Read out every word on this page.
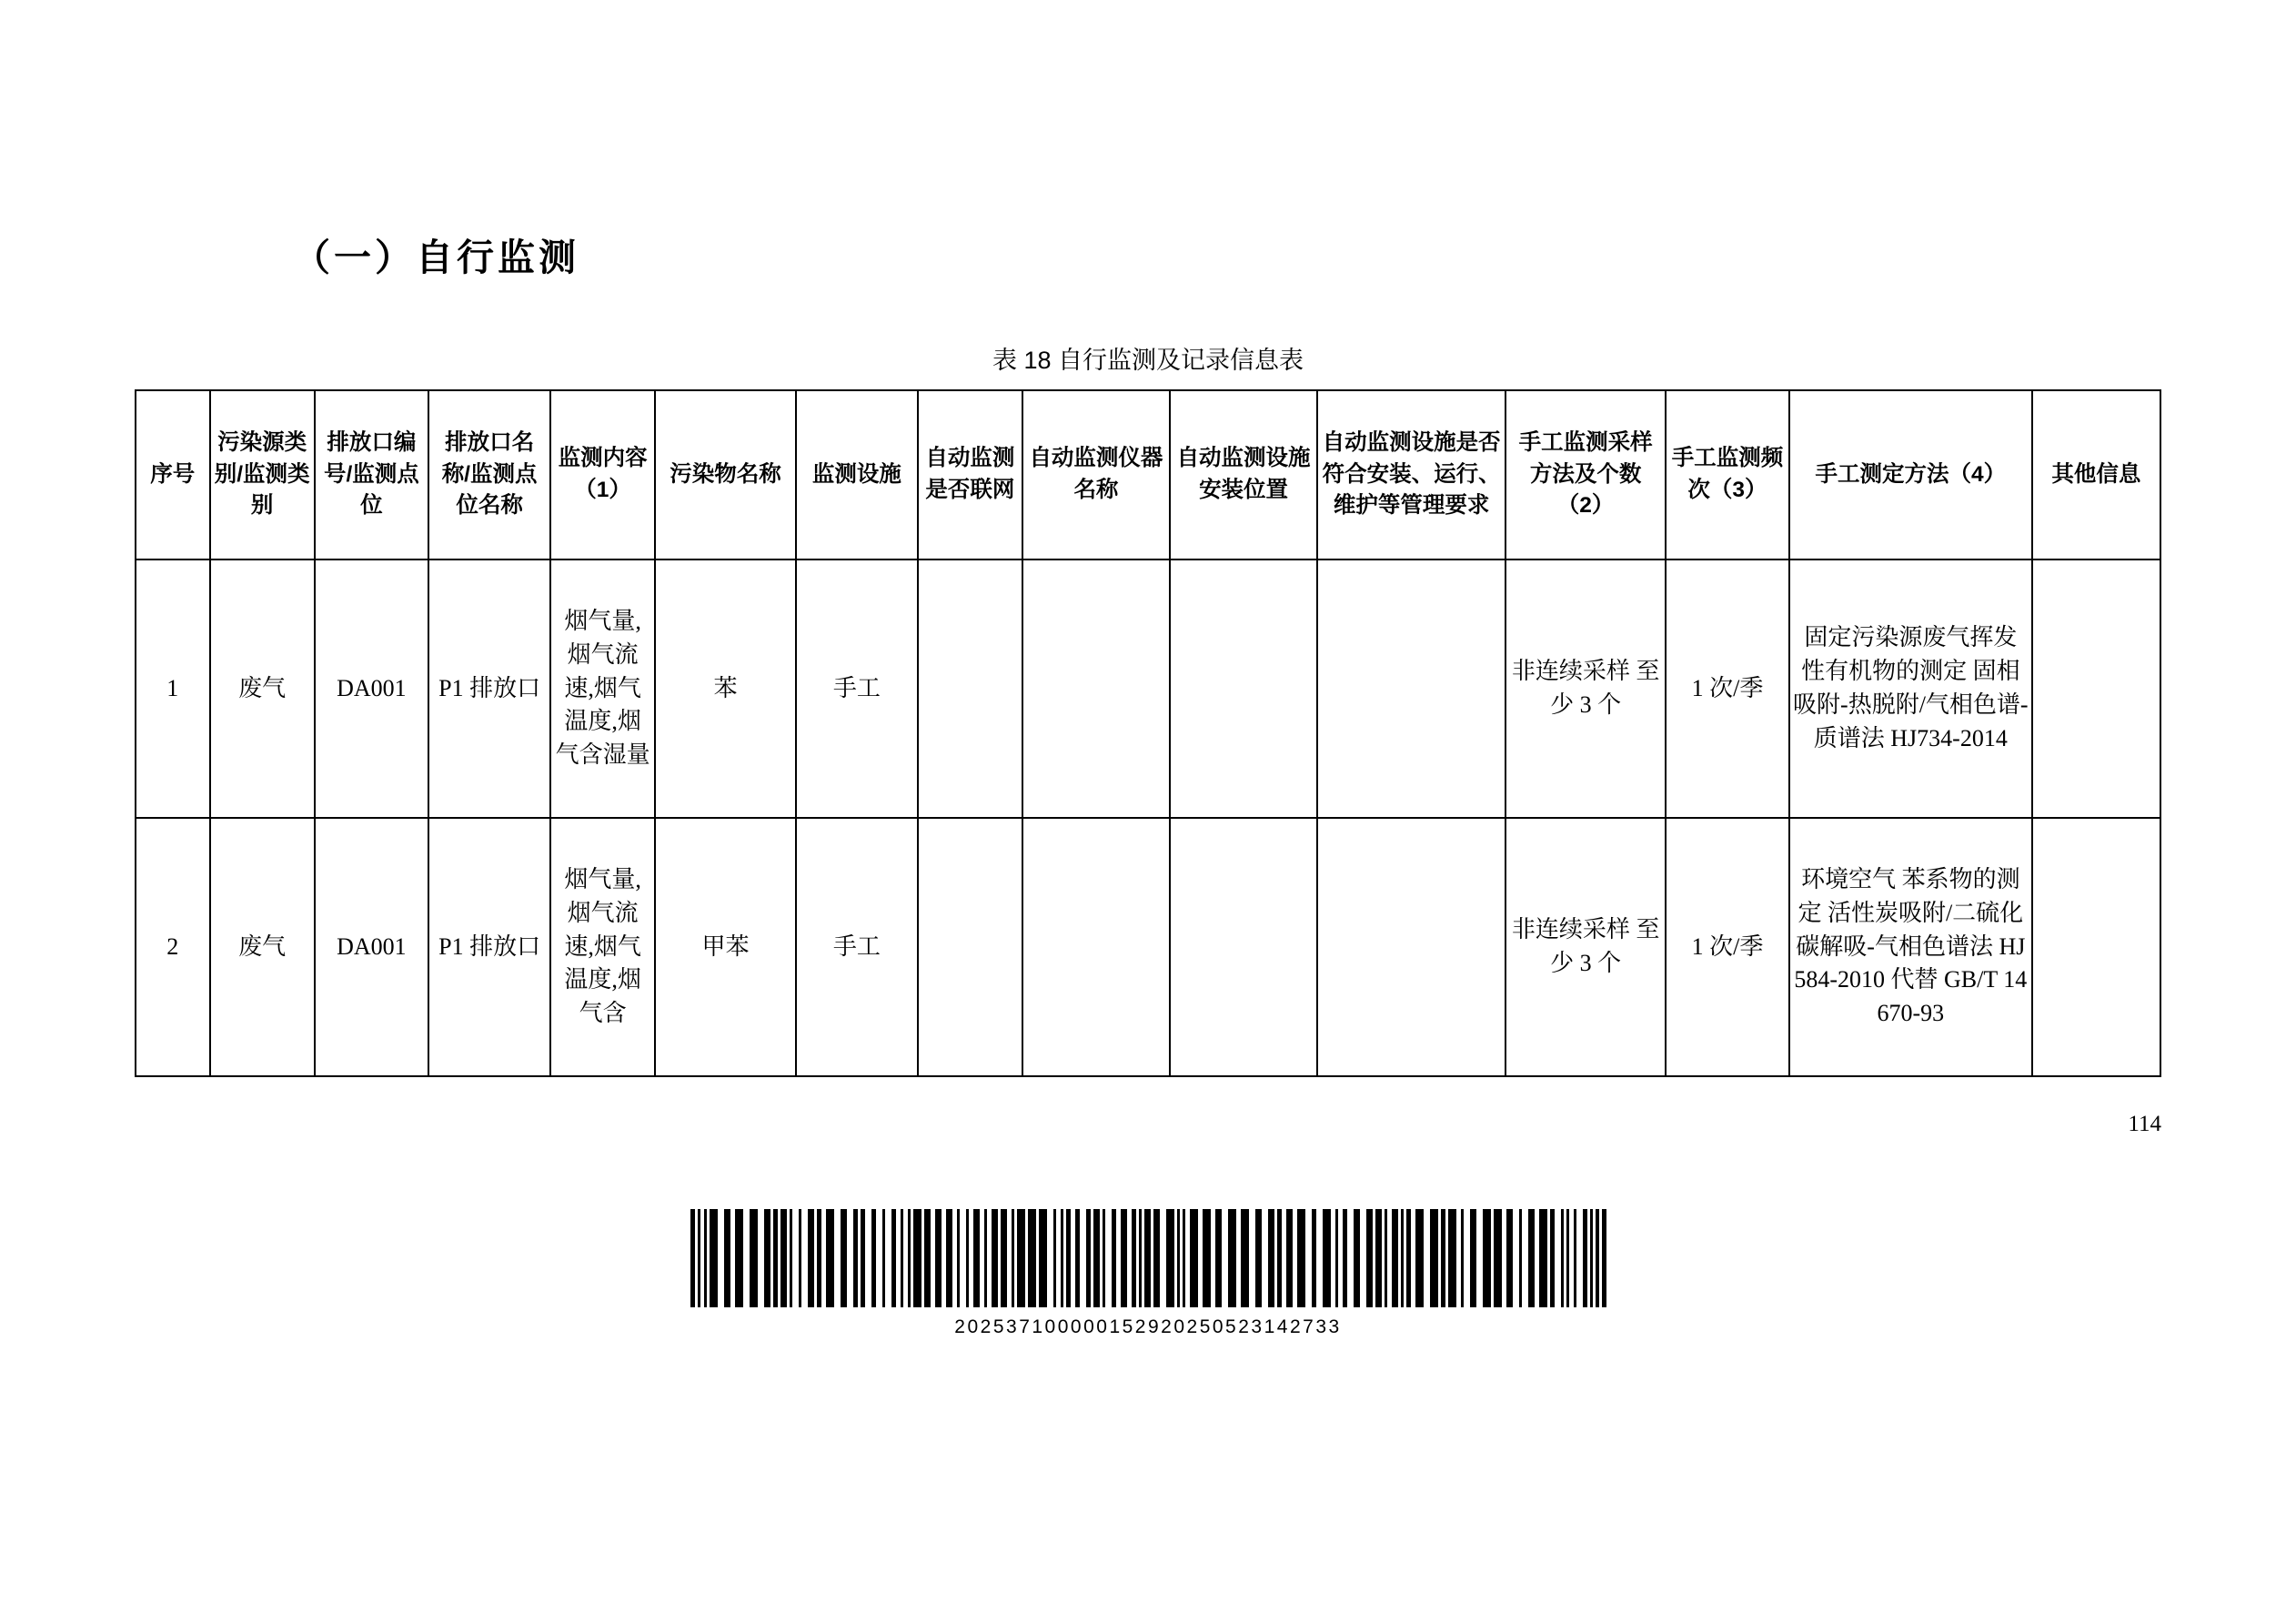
（一）自行监测
表 18 自行监测及记录信息表
序号	污染源类别/监测类别	排放口编号/监测点位	排放口名称/监测点位名称	监测内容（1）	污染物名称	监测设施	自动监测是否联网	自动监测仪器名称	自动监测设施安装位置	自动监测设施是否符合安装、运行、维护等管理要求	手工监测采样方法及个数（2）	手工监测频次（3）	手工测定方法（4）	其他信息
1	废气	DA001	P1 排放口	烟气量,烟气流速,烟气温度,烟气含湿量	苯	手工					非连续采样 至少 3 个	1 次/季	固定污染源废气挥发性有机物的测定 固相吸附-热脱附/气相色谱-质谱法 HJ734-2014	
2	废气	DA001	P1 排放口	烟气量,烟气流速,烟气温度,烟气含	甲苯	手工					非连续采样 至少 3 个	1 次/季	环境空气 苯系物的测定 活性炭吸附/二硫化碳解吸-气相色谱法 HJ 584-2010 代替 GB/T 14670-93	
114
202537100000152920250523142733
